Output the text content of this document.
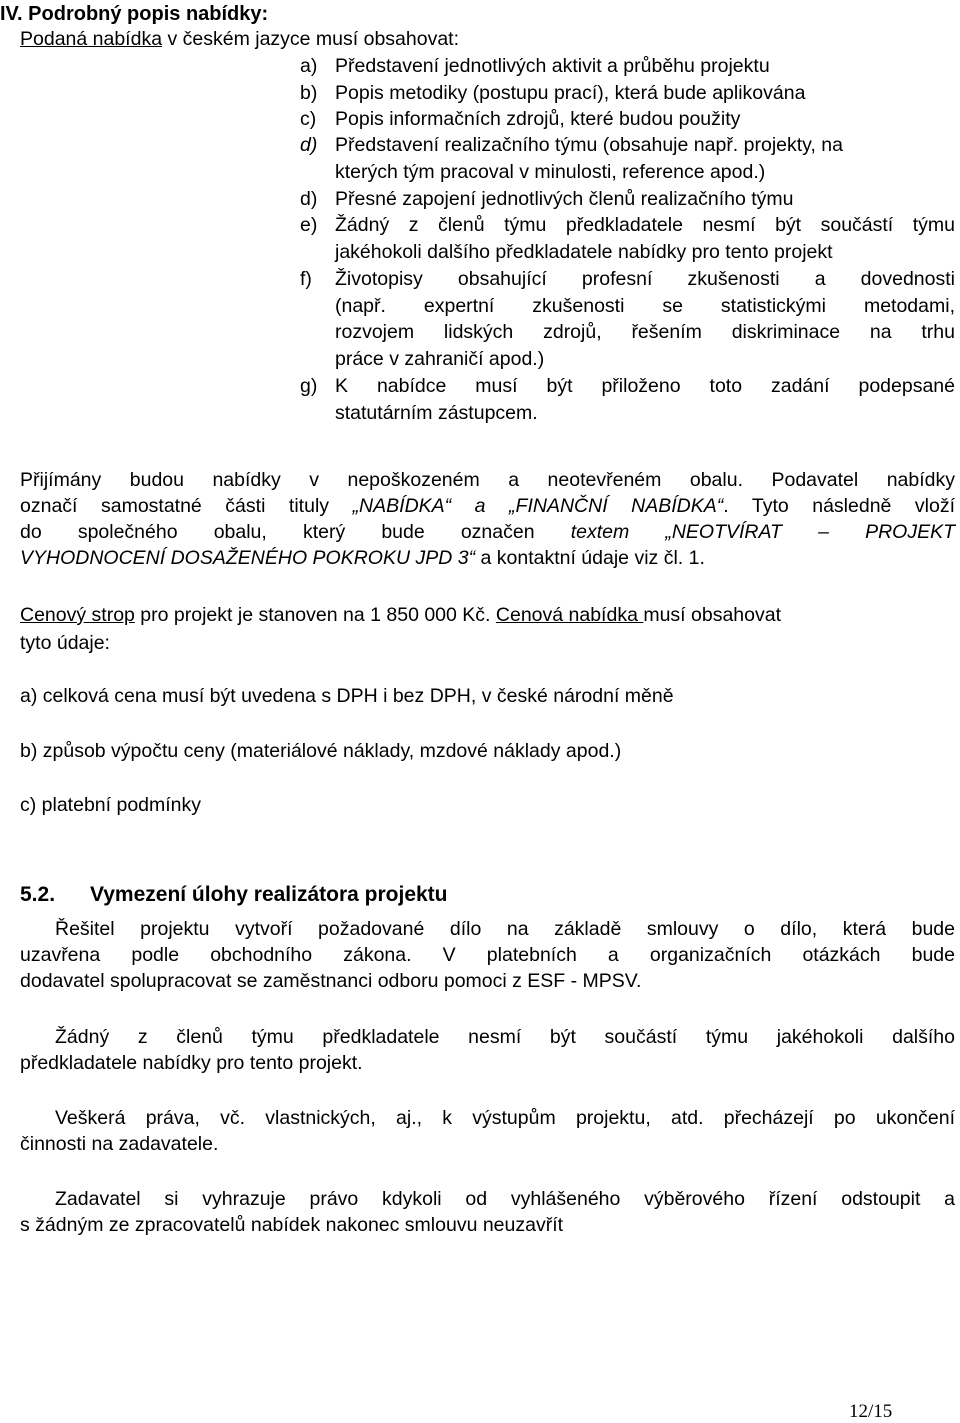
IV. Podrobný popis nabídky:
Podaná nabídka v českém jazyce musí obsahovat:
a) Představení jednotlivých aktivit a průběhu projektu
b) Popis metodiky (postupu prací), která bude aplikována
c) Popis informačních zdrojů, které budou použity
d) Představení realizačního týmu (obsahuje např. projekty, na
kterých tým pracoval v minulosti, reference apod.)
d) Přesné zapojení jednotlivých členů realizačního týmu
e) Žádný z členů týmu předkladatele nesmí být součástí týmu
jakéhokoli dalšího předkladatele nabídky pro tento projekt
f) Životopisy obsahující profesní zkušenosti a dovednosti
(např. expertní zkušenosti se statistickými metodami,
rozvojem lidských zdrojů, řešením diskriminace na trhu
práce v zahraničí apod.)
g) K nabídce musí být přiloženo toto zadání podepsané
statutárním zástupcem.
Přijímány budou nabídky v nepoškozeném a neotevřeném obalu. Podavatel nabídky
označí samostatné části tituly „NABÍDKA“ a „FINANČNÍ NABÍDKA“. Tyto následně vloží
do společného obalu, který bude označen textem „NEOTVÍRAT – PROJEKT
VYHODNOCENÍ DOSAŽENÉHO POKROKU JPD 3“ a kontaktní údaje viz čl. 1.
Cenový strop pro projekt je stanoven na 1 850 000 Kč. Cenová nabídka musí obsahovat
tyto údaje:
a) celková cena musí být uvedena s DPH i bez DPH, v české národní měně
b) způsob výpočtu ceny (materiálové náklady, mzdové náklady apod.)
c) platební podmínky
5.2. Vymezení úlohy realizátora projektu
Řešitel projektu vytvoří požadované dílo na základě smlouvy o dílo, která bude
uzavřena podle obchodního zákona. V platebních a organizačních otázkách bude
dodavatel spolupracovat se zaměstnanci odboru pomoci z ESF - MPSV.
Žádný z členů týmu předkladatele nesmí být součástí týmu jakéhokoli dalšího
předkladatele nabídky pro tento projekt.
Veškerá práva, vč. vlastnických, aj., k výstupům projektu, atd. přecházejí po ukončení
činnosti na zadavatele.
Zadavatel si vyhrazuje právo kdykoli od vyhlášeného výběrového řízení odstoupit a
s žádným ze zpracovatelů nabídek nakonec smlouvu neuzavřít
12/15
